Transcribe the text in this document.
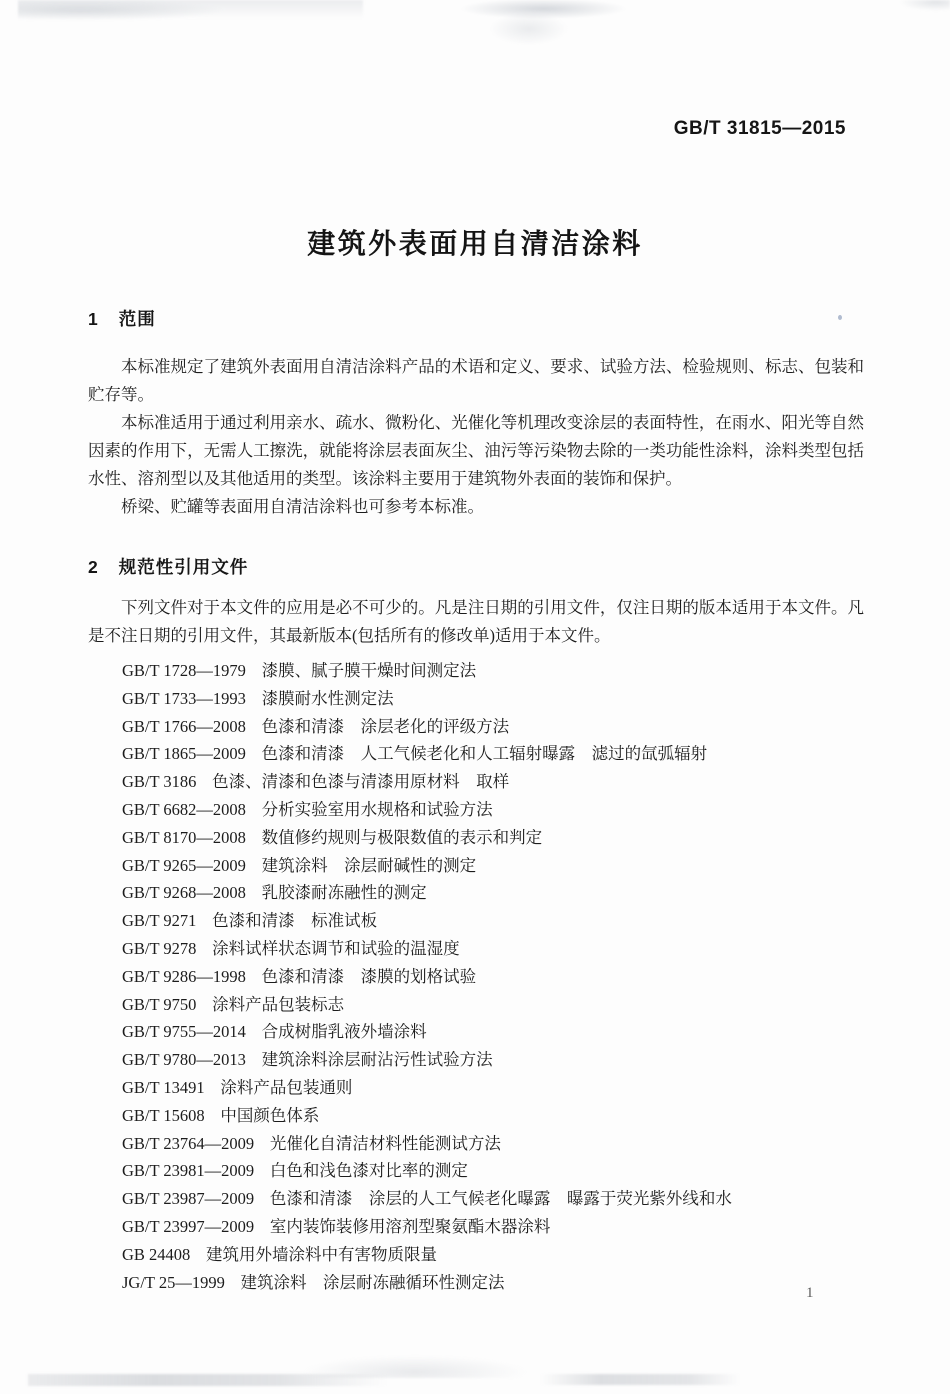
GB/T 31815—2015
建筑外表面用自清洁涂料
1 范围

本标准规定了建筑外表面用自清洁涂料产品的术语和定义、要求、试验方法、检验规则、标志、包装和贮存等。

本标准适用于通过利用亲水、疏水、微粉化、光催化等机理改变涂层的表面特性，在雨水、阳光等自然因素的作用下，无需人工擦洗，就能将涂层表面灰尘、油污等污染物去除的一类功能性涂料，涂料类型包括水性、溶剂型以及其他适用的类型。该涂料主要用于建筑物外表面的装饰和保护。

桥梁、贮罐等表面用自清洁涂料也可参考本标准。

2 规范性引用文件

下列文件对于本文件的应用是必不可少的。凡是注日期的引用文件，仅注日期的版本适用于本文件。凡是不注日期的引用文件，其最新版本(包括所有的修改单)适用于本文件。

GB/T 1728—1979 漆膜、腻子膜干燥时间测定法
GB/T 1733—1993 漆膜耐水性测定法
GB/T 1766—2008 色漆和清漆　涂层老化的评级方法
GB/T 1865—2009 色漆和清漆　人工气候老化和人工辐射曝露　滤过的氙弧辐射
GB/T 3186 色漆、清漆和色漆与清漆用原材料　取样
GB/T 6682—2008 分析实验室用水规格和试验方法
GB/T 8170—2008 数值修约规则与极限数值的表示和判定
GB/T 9265—2009 建筑涂料　涂层耐碱性的测定
GB/T 9268—2008 乳胶漆耐冻融性的测定
GB/T 9271 色漆和清漆　标准试板
GB/T 9278 涂料试样状态调节和试验的温湿度
GB/T 9286—1998 色漆和清漆　漆膜的划格试验
GB/T 9750 涂料产品包装标志
GB/T 9755—2014 合成树脂乳液外墙涂料
GB/T 9780—2013 建筑涂料涂层耐沾污性试验方法
GB/T 13491 涂料产品包装通则
GB/T 15608 中国颜色体系
GB/T 23764—2009 光催化自清洁材料性能测试方法
GB/T 23981—2009 白色和浅色漆对比率的测定
GB/T 23987—2009 色漆和清漆　涂层的人工气候老化曝露　曝露于荧光紫外线和水
GB/T 23997—2009 室内装饰装修用溶剂型聚氨酯木器涂料
GB 24408 建筑用外墙涂料中有害物质限量
JG/T 25—1999 建筑涂料　涂层耐冻融循环性测定法
1
